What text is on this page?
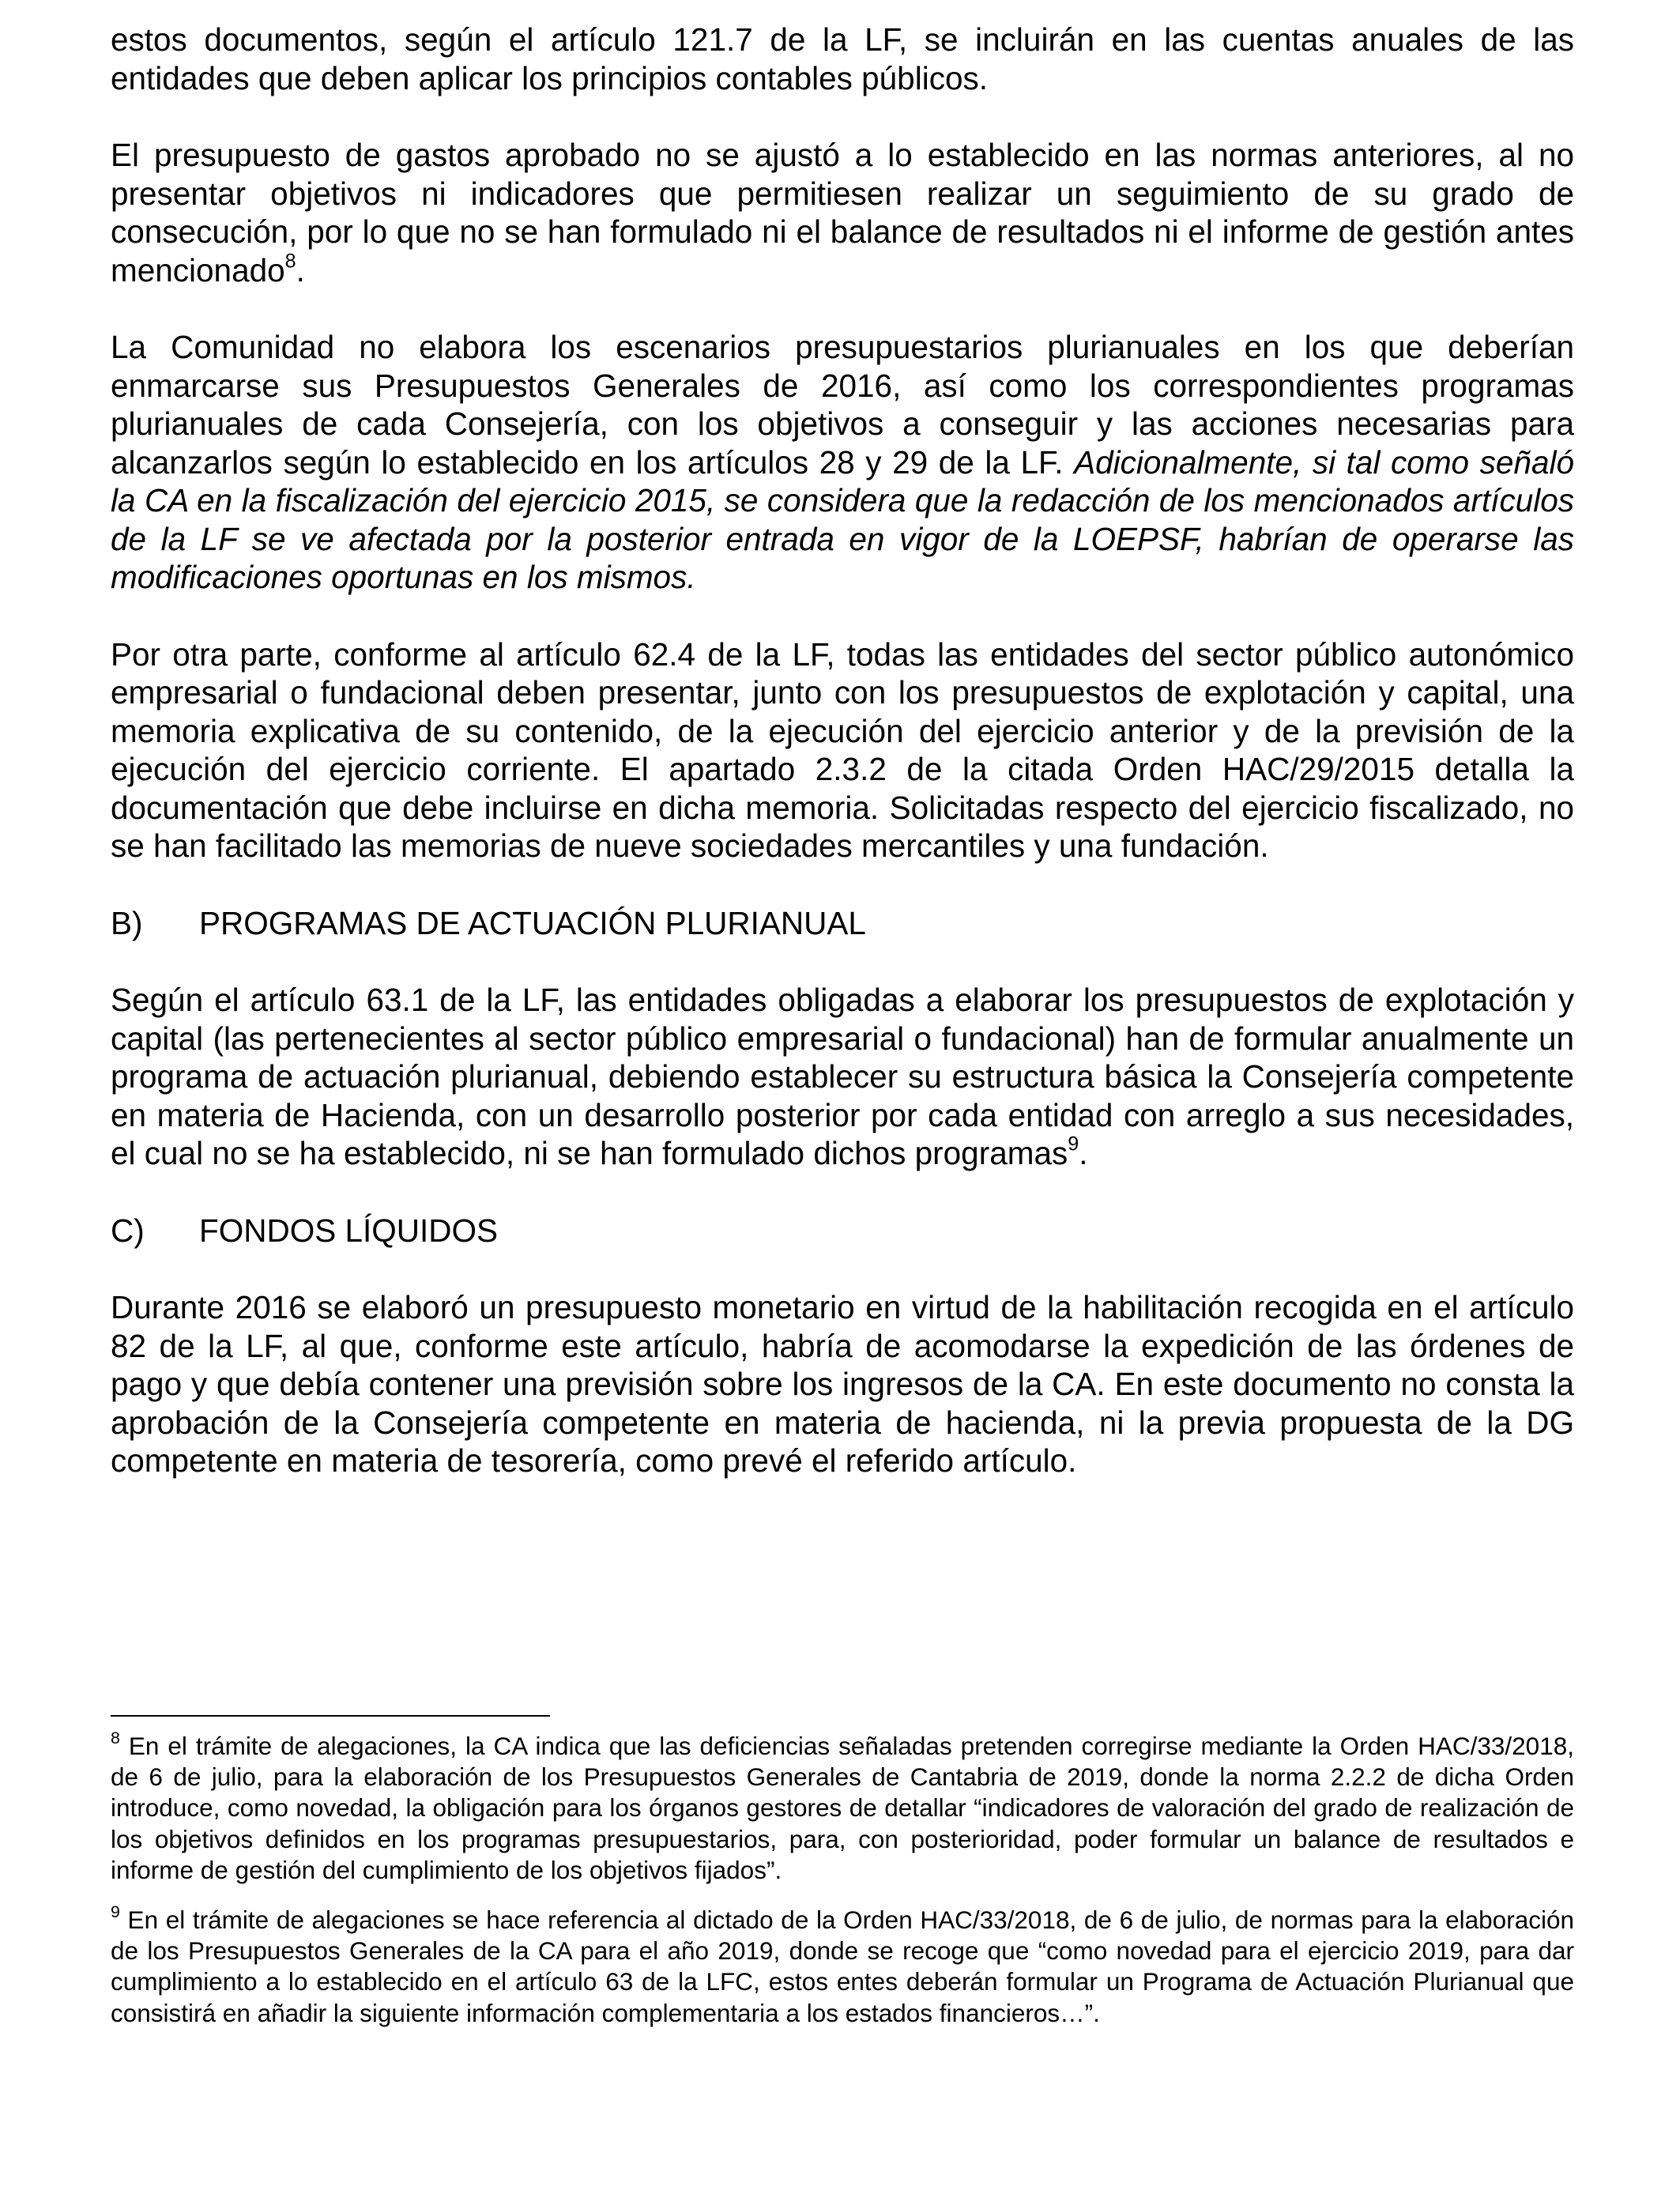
estos documentos, según el artículo 121.7 de la LF, se incluirán en las cuentas anuales de las entidades que deben aplicar los principios contables públicos.

El presupuesto de gastos aprobado no se ajustó a lo establecido en las normas anteriores, al no presentar objetivos ni indicadores que permitiesen realizar un seguimiento de su grado de consecución, por lo que no se han formulado ni el balance de resultados ni el informe de gestión antes mencionado$^8$.

La Comunidad no elabora los escenarios presupuestarios plurianuales en los que deberían enmarcarse sus Presupuestos Generales de 2016, así como los correspondientes programas plurianuales de cada Consejería, con los objetivos a conseguir y las acciones necesarias para alcanzarlos según lo establecido en los artículos 28 y 29 de la LF. Adicionalmente, si tal como señaló la CA en la fiscalización del ejercicio 2015, se considera que la redacción de los mencionados artículos de la LF se ve afectada por la posterior entrada en vigor de la LOEPSF, habrían de operarse las modificaciones oportunas en los mismos.

Por otra parte, conforme al artículo 62.4 de la LF, todas las entidades del sector público autonómico empresarial o fundacional deben presentar, junto con los presupuestos de explotación y capital, una memoria explicativa de su contenido, de la ejecución del ejercicio anterior y de la previsión de la ejecución del ejercicio corriente. El apartado 2.3.2 de la citada Orden HAC/29/2015 detalla la documentación que debe incluirse en dicha memoria. Solicitadas respecto del ejercicio fiscalizado, no se han facilitado las memorias de nueve sociedades mercantiles y una fundación.

B)	PROGRAMAS DE ACTUACIÓN PLURIANUAL

Según el artículo 63.1 de la LF, las entidades obligadas a elaborar los presupuestos de explotación y capital (las pertenecientes al sector público empresarial o fundacional) han de formular anualmente un programa de actuación plurianual, debiendo establecer su estructura básica la Consejería competente en materia de Hacienda, con un desarrollo posterior por cada entidad con arreglo a sus necesidades, el cual no se ha establecido, ni se han formulado dichos programas$^9$.

C)	FONDOS LÍQUIDOS

Durante 2016 se elaboró un presupuesto monetario en virtud de la habilitación recogida en el artículo 82 de la LF, al que, conforme este artículo, habría de acomodarse la expedición de las órdenes de pago y que debía contener una previsión sobre los ingresos de la CA. En este documento no consta la aprobación de la Consejería competente en materia de hacienda, ni la previa propuesta de la DG competente en materia de tesorería, como prevé el referido artículo.

$^8$ En el trámite de alegaciones, la CA indica que las deficiencias señaladas pretenden corregirse mediante la Orden HAC/33/2018, de 6 de julio, para la elaboración de los Presupuestos Generales de Cantabria de 2019, donde la norma 2.2.2 de dicha Orden introduce, como novedad, la obligación para los órganos gestores de detallar “indicadores de valoración del grado de realización de los objetivos definidos en los programas presupuestarios, para, con posterioridad, poder formular un balance de resultados e informe de gestión del cumplimiento de los objetivos fijados”.

$^9$ En el trámite de alegaciones se hace referencia al dictado de la Orden HAC/33/2018, de 6 de julio, de normas para la elaboración de los Presupuestos Generales de la CA para el año 2019, donde se recoge que “como novedad para el ejercicio 2019, para dar cumplimiento a lo establecido en el artículo 63 de la LFC, estos entes deberán formular un Programa de Actuación Plurianual que consistirá en añadir la siguiente información complementaria a los estados financieros…”.
